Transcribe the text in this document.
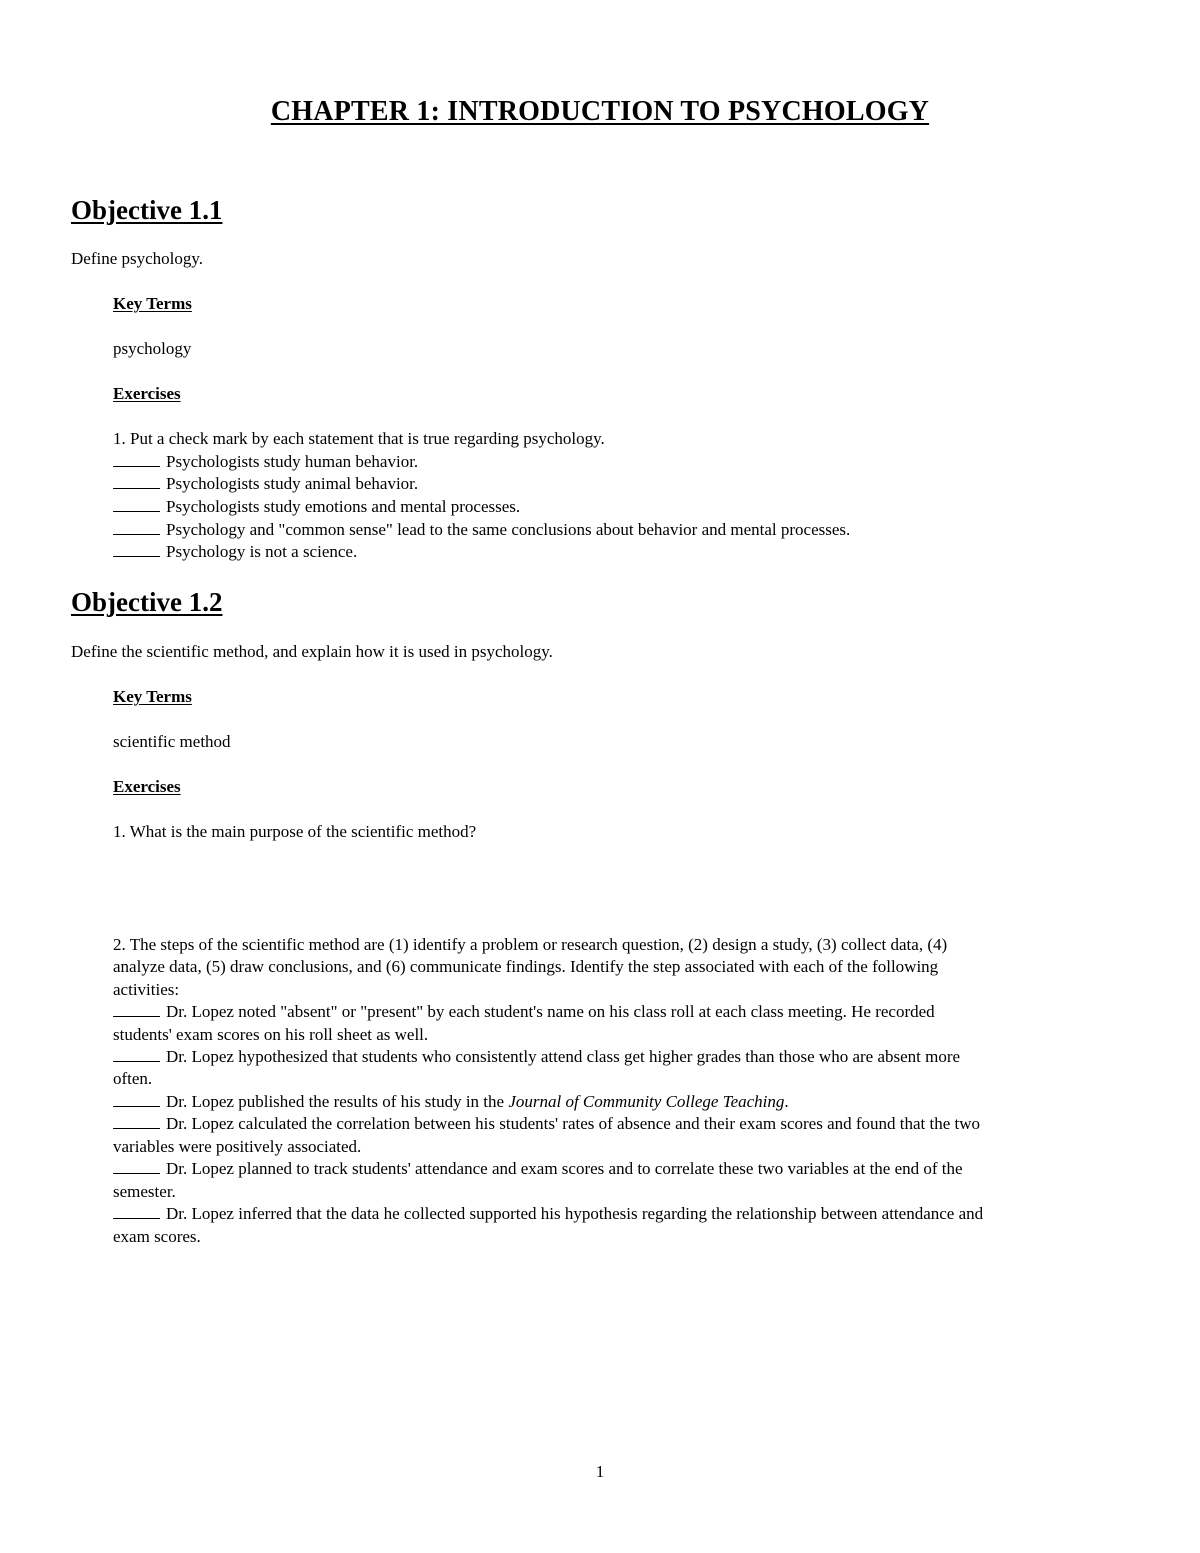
CHAPTER 1: INTRODUCTION TO PSYCHOLOGY
Objective 1.1
Define psychology.
Key Terms
psychology
Exercises
1. Put a check mark by each statement that is true regarding psychology.
Psychologists study human behavior.
Psychologists study animal behavior.
Psychologists study emotions and mental processes.
Psychology and "common sense" lead to the same conclusions about behavior and mental processes.
Psychology is not a science.
Objective 1.2
Define the scientific method, and explain how it is used in psychology.
Key Terms
scientific method
Exercises
1. What is the main purpose of the scientific method?
2. The steps of the scientific method are (1) identify a problem or research question, (2) design a study, (3) collect data, (4)
analyze data, (5) draw conclusions, and (6) communicate findings. Identify the step associated with each of the following
activities:
Dr. Lopez noted "absent" or "present" by each student's name on his class roll at each class meeting. He recorded
students' exam scores on his roll sheet as well.
Dr. Lopez hypothesized that students who consistently attend class get higher grades than those who are absent more
often.
Dr. Lopez published the results of his study in the Journal of Community College Teaching.
Dr. Lopez calculated the correlation between his students' rates of absence and their exam scores and found that the two
variables were positively associated.
Dr. Lopez planned to track students' attendance and exam scores and to correlate these two variables at the end of the
semester.
Dr. Lopez inferred that the data he collected supported his hypothesis regarding the relationship between attendance and
exam scores.
1
